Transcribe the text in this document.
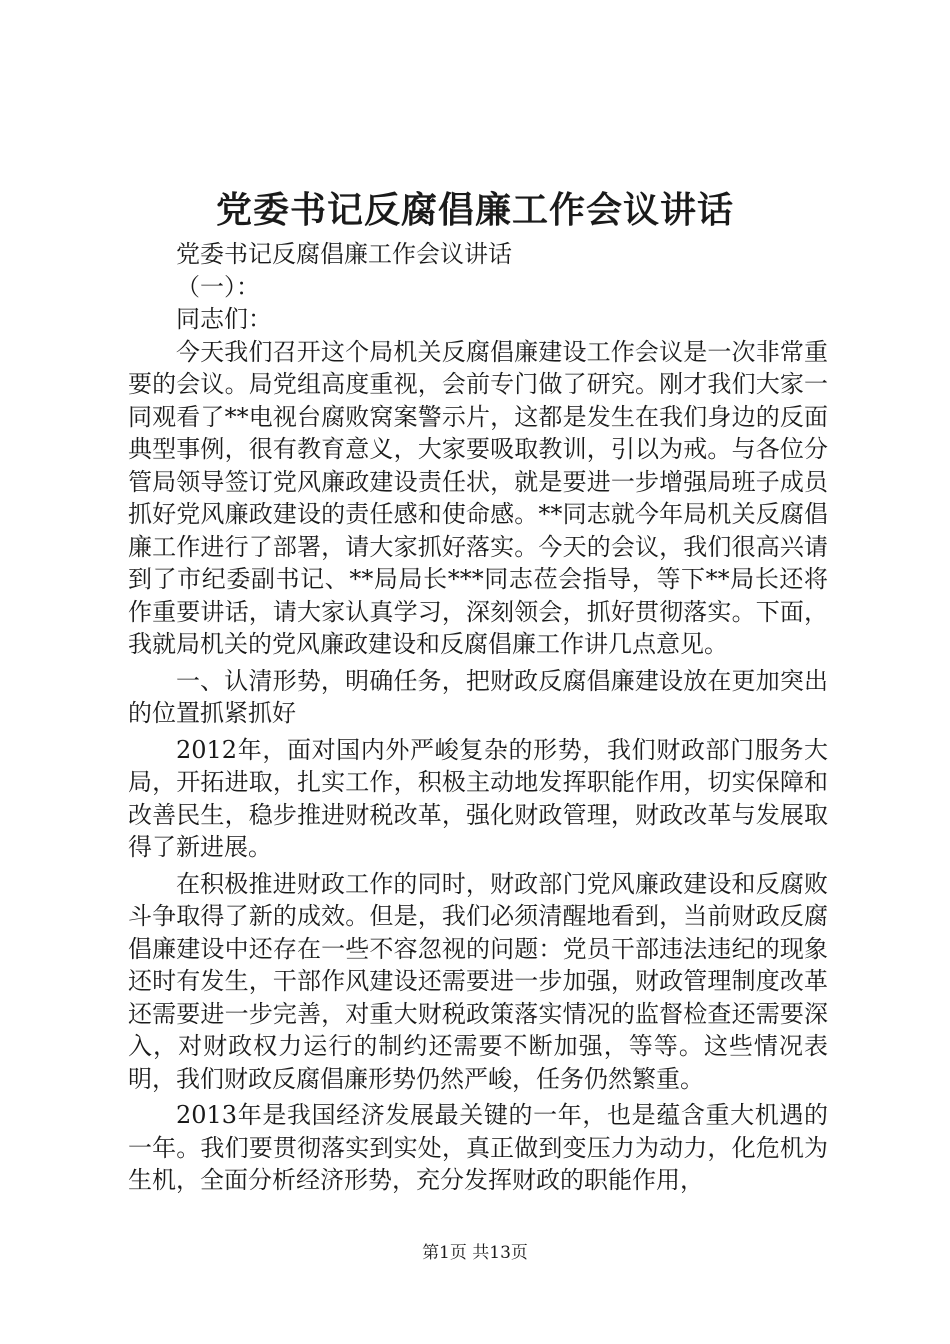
党委书记反腐倡廉工作会议讲话

党委书记反腐倡廉工作会议讲话

（一）：

同志们：

今天我们召开这个局机关反腐倡廉建设工作会议是一次非常重要的会议。局党组高度重视，会前专门做了研究。刚才我们大家一同观看了**电视台腐败窝案警示片，这都是发生在我们身边的反面典型事例，很有教育意义，大家要吸取教训，引以为戒。与各位分管局领导签订党风廉政建设责任状，就是要进一步增强局班子成员抓好党风廉政建设的责任感和使命感。**同志就今年局机关反腐倡廉工作进行了部署，请大家抓好落实。今天的会议，我们很高兴请到了市纪委副书记、**局局长***同志莅会指导，等下**局长还将作重要讲话，请大家认真学习，深刻领会，抓好贯彻落实。下面，我就局机关的党风廉政建设和反腐倡廉工作讲几点意见。

一、认清形势，明确任务，把财政反腐倡廉建设放在更加突出的位置抓紧抓好

2012年，面对国内外严峻复杂的形势，我们财政部门服务大局，开拓进取，扎实工作，积极主动地发挥职能作用，切实保障和改善民生，稳步推进财税改革，强化财政管理，财政改革与发展取得了新进展。

在积极推进财政工作的同时，财政部门党风廉政建设和反腐败斗争取得了新的成效。但是，我们必须清醒地看到，当前财政反腐倡廉建设中还存在一些不容忽视的问题：党员干部违法违纪的现象还时有发生，干部作风建设还需要进一步加强，财政管理制度改革还需要进一步完善，对重大财税政策落实情况的监督检查还需要深入，对财政权力运行的制约还需要不断加强，等等。这些情况表明，我们财政反腐倡廉形势仍然严峻，任务仍然繁重。

2013年是我国经济发展最关键的一年，也是蕴含重大机遇的一年。我们要贯彻落实到实处，真正做到变压力为动力，化危机为生机，全面分析经济形势，充分发挥财政的职能作用，

第1页 共13页
